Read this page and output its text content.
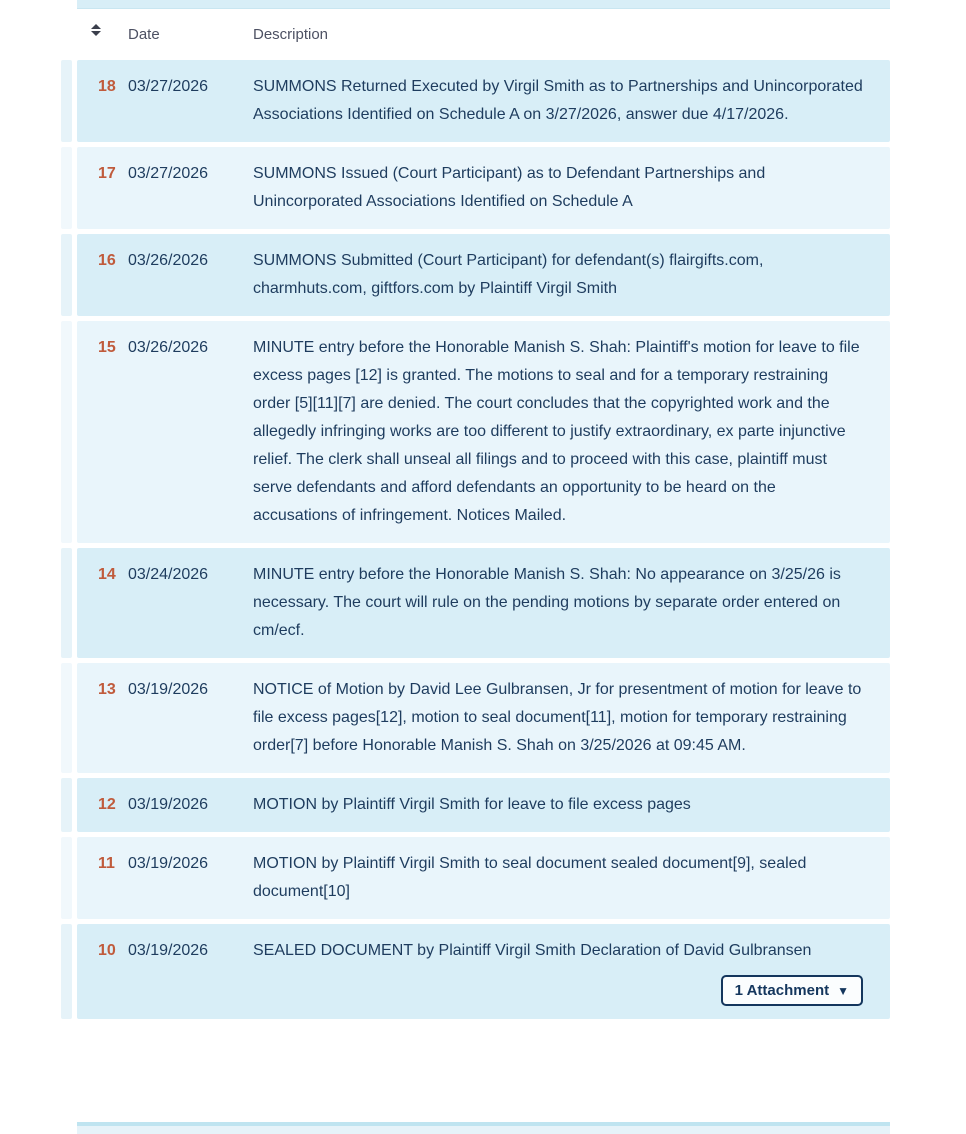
Date	Description
18 03/27/2026	SUMMONS Returned Executed by Virgil Smith as to Partnerships and Unincorporated Associations Identified on Schedule A on 3/27/2026, answer due 4/17/2026.
17 03/27/2026	SUMMONS Issued (Court Participant) as to Defendant Partnerships and Unincorporated Associations Identified on Schedule A
16 03/26/2026	SUMMONS Submitted (Court Participant) for defendant(s) flairgifts.com, charmhuts.com, giftfors.com by Plaintiff Virgil Smith
15 03/26/2026	MINUTE entry before the Honorable Manish S. Shah: Plaintiff's motion for leave to file excess pages [12] is granted. The motions to seal and for a temporary restraining order [5][11][7] are denied. The court concludes that the copyrighted work and the allegedly infringing works are too different to justify extraordinary, ex parte injunctive relief. The clerk shall unseal all filings and to proceed with this case, plaintiff must serve defendants and afford defendants an opportunity to be heard on the accusations of infringement. Notices Mailed.
14 03/24/2026	MINUTE entry before the Honorable Manish S. Shah: No appearance on 3/25/26 is necessary. The court will rule on the pending motions by separate order entered on cm/ecf.
13 03/19/2026	NOTICE of Motion by David Lee Gulbransen, Jr for presentment of motion for leave to file excess pages[12], motion to seal document[11], motion for temporary restraining order[7] before Honorable Manish S. Shah on 3/25/2026 at 09:45 AM.
12 03/19/2026	MOTION by Plaintiff Virgil Smith for leave to file excess pages
11 03/19/2026	MOTION by Plaintiff Virgil Smith to seal document sealed document[9], sealed document[10]
10 03/19/2026	SEALED DOCUMENT by Plaintiff Virgil Smith Declaration of David Gulbransen
1 Attachment ▼
